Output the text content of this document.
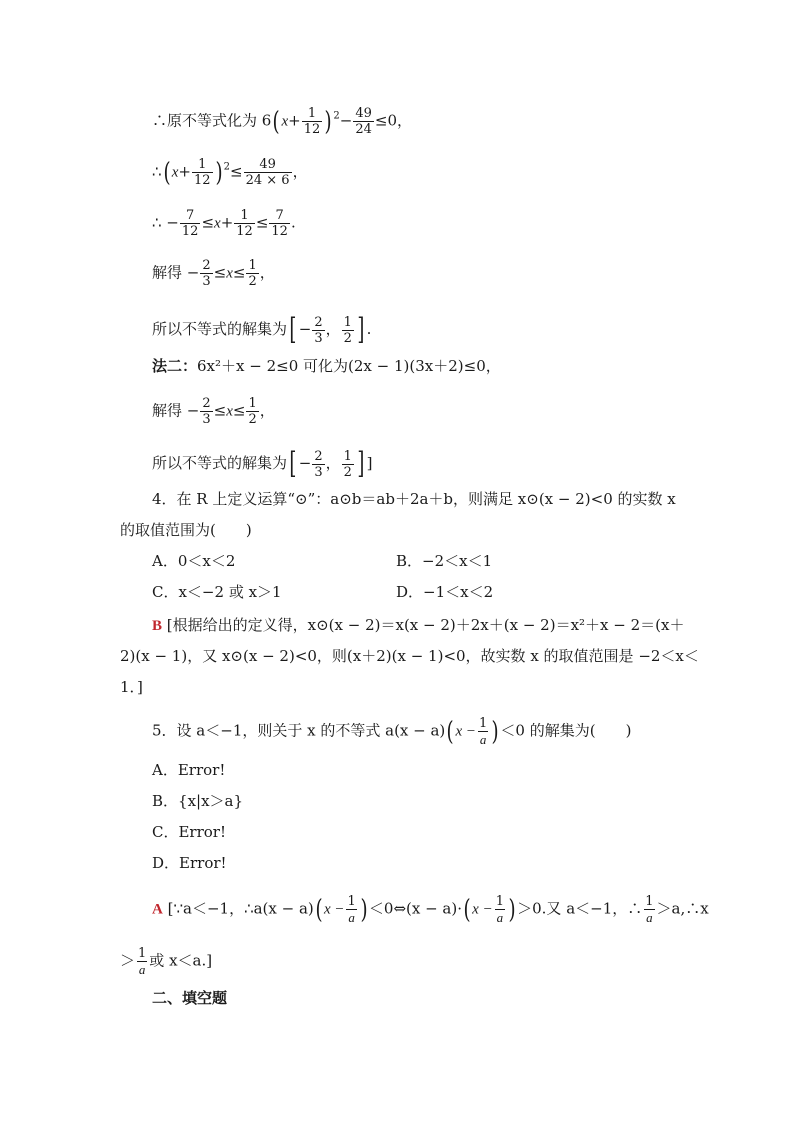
∴原不等式化为 6( $x+ \frac{1}{12}$ ) $^2- \frac{49}{24} \le 0$，
∴( $x+ \frac{1}{12}$ ) $^2\le \frac{49}{24 \times 6}$ ，
∴ − $\frac{7}{12} \le x+ \frac{1}{12} \le \frac{7}{12}$ .
解得 − $\frac{2}{3} \le x\le \frac{1}{2}$ ，
所以不等式的解集为[ − $\frac{2}{3}$ ， $\frac{1}{2}$ ] .
法二：6x²＋x − 2≤0 可化为(2x − 1)(3x＋2)≤0，
解得 − $\frac{2}{3} \le x\le \frac{1}{2}$ ，
所以不等式的解集为[ − $\frac{2}{3}$ ， $\frac{1}{2}$ ] ]
4．在 R 上定义运算“⊙”：a⊙b＝ab＋2a＋b，则满足 x⊙(x − 2)<0 的实数 x
的取值范围为(　　)
A．0＜x＜2	B．−2＜x＜1
C．x＜−2 或 x＞1	D．−1＜x＜2
B [根据给出的定义得，x⊙(x − 2)＝x(x − 2)＋2x＋(x − 2)＝x²＋x − 2＝(x＋
2)(x − 1)，又 x⊙(x − 2)<0，则(x＋2)(x − 1)<0，故实数 x 的取值范围是 −2＜x＜
1．]
5．设 a＜−1，则关于 x 的不等式 a(x − a)( $x - \frac{1}{a}$ ) ＜0 的解集为(　　)
A．Error!
B．{x|x＞a}
C．Error!
D．Error!
A [∵a＜−1，∴a(x − a)( $x - \frac{1}{a}$ ) ＜0⇔(x − a)·( $x - \frac{1}{a}$ ) ＞0.又 a＜−1，∴ $\frac{1}{a}$ ＞a,∴x
＞ $\frac{1}{a}$ 或 x＜a.]
二、填空题
